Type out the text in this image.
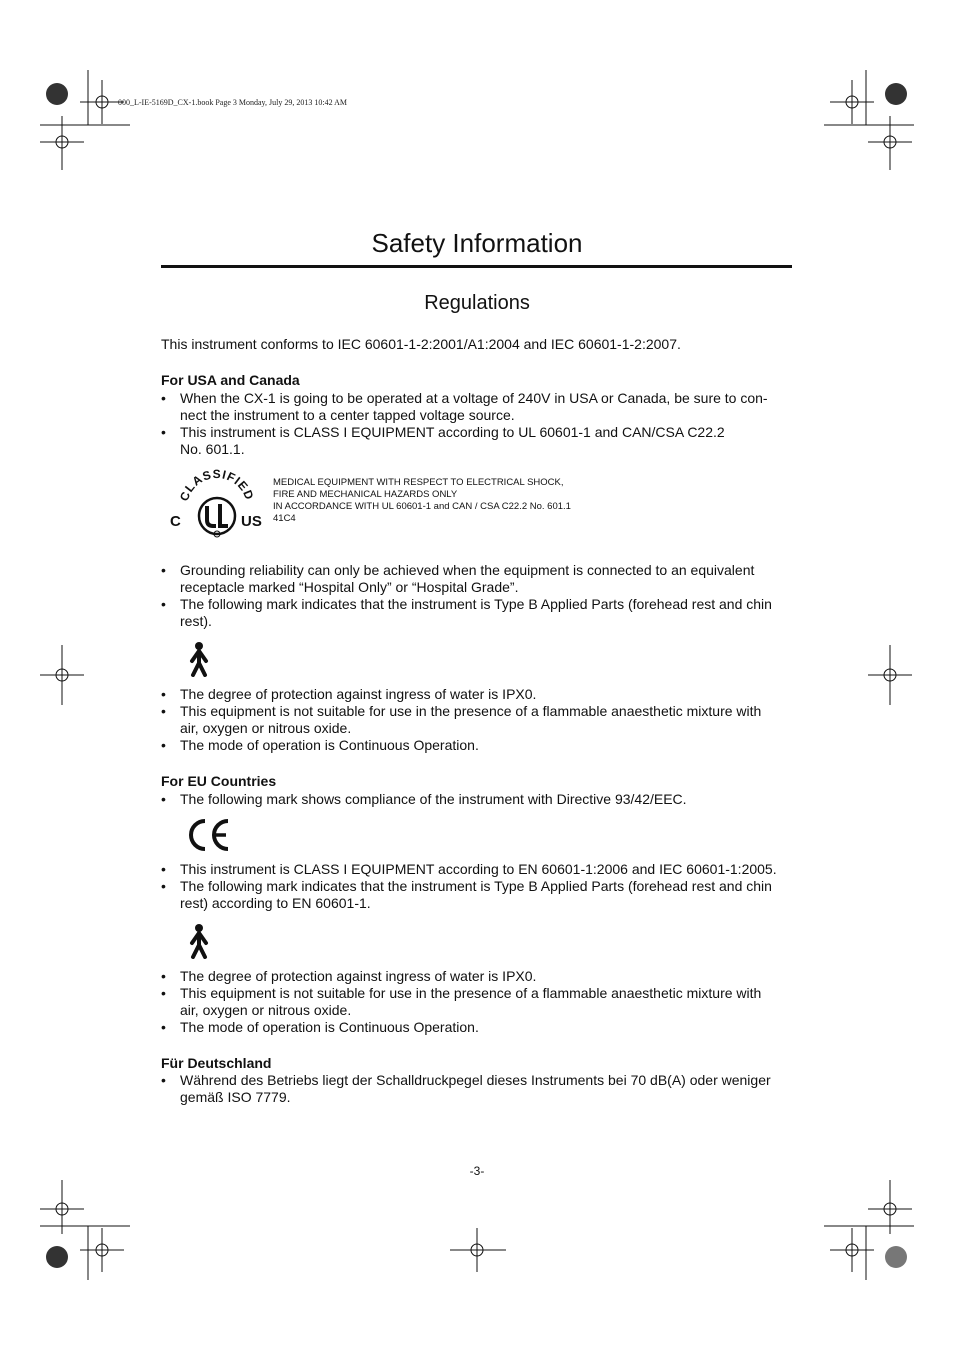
000_L-IE-5169D_CX-1.book Page 3 Monday, July 29, 2013 10:42 AM
Safety Information
Regulations
This instrument conforms to IEC 60601-1-2:2001/A1:2004 and IEC 60601-1-2:2007.
For USA and Canada
• When the CX-1 is going to be operated at a voltage of 240V in USA or Canada, be sure to con-
nect the instrument to a center tapped voltage source.
• This instrument is CLASS I EQUIPMENT according to UL 60601-1 and CAN/CSA C22.2
No. 601.1.
CLASSIFIED
C	US
MEDICAL EQUIPMENT WITH RESPECT TO ELECTRICAL SHOCK,
FIRE AND MECHANICAL HAZARDS ONLY
IN ACCORDANCE WITH UL 60601-1 and CAN / CSA C22.2 No. 601.1
41C4
• Grounding reliability can only be achieved when the equipment is connected to an equivalent
receptacle marked “Hospital Only” or “Hospital Grade”.
• The following mark indicates that the instrument is Type B Applied Parts (forehead rest and chin
rest).
• The degree of protection against ingress of water is IPX0.
• This equipment is not suitable for use in the presence of a flammable anaesthetic mixture with
air, oxygen or nitrous oxide.
• The mode of operation is Continuous Operation.
For EU Countries
• The following mark shows compliance of the instrument with Directive 93/42/EEC.
• This instrument is CLASS I EQUIPMENT according to EN 60601-1:2006 and IEC 60601-1:2005.
• The following mark indicates that the instrument is Type B Applied Parts (forehead rest and chin
rest) according to EN 60601-1.
• The degree of protection against ingress of water is IPX0.
• This equipment is not suitable for use in the presence of a flammable anaesthetic mixture with
air, oxygen or nitrous oxide.
• The mode of operation is Continuous Operation.
Für Deutschland
• Während des Betriebs liegt der Schalldruckpegel dieses Instruments bei 70 dB(A) oder weniger
gemäß ISO 7779.
-3-
